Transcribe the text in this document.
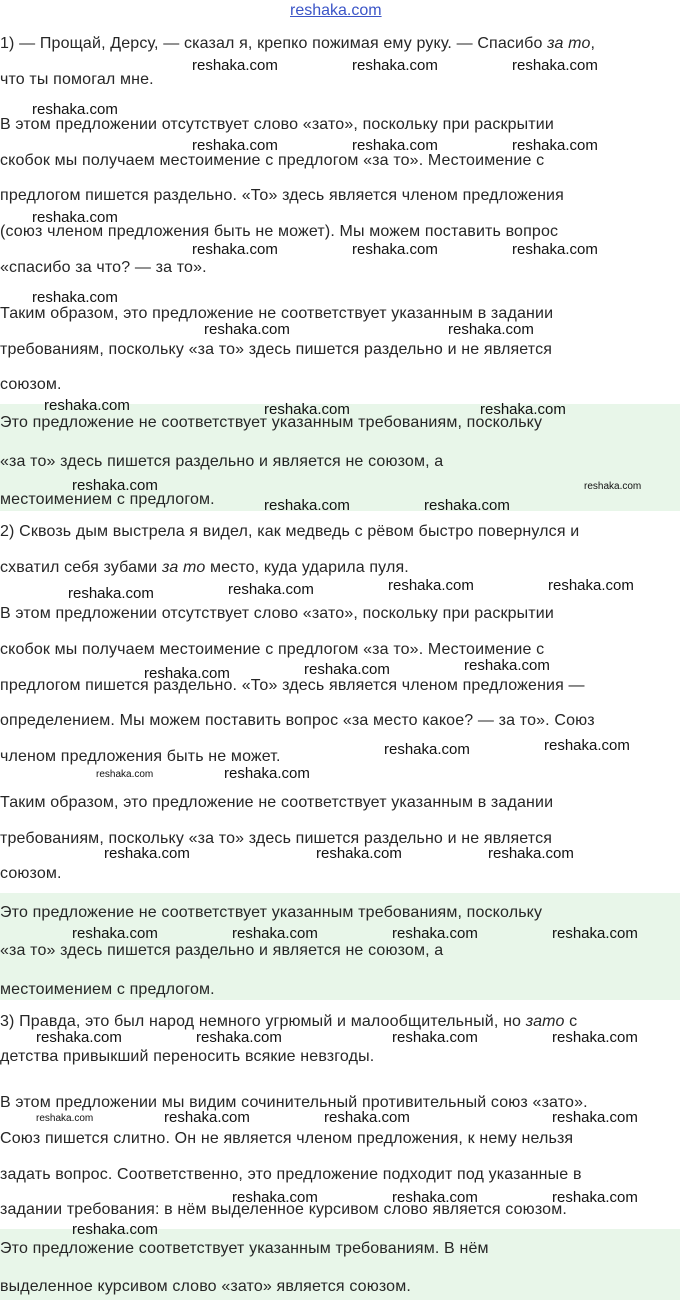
reshaka.com
1) — Прощай, Дерсу, — сказал я, крепко пожимая ему руку. — Спасибо за то,
что ты помогал мне.
В этом предложении отсутствует слово «зато», поскольку при раскрытии
скобок мы получаем местоимение с предлогом «за то». Местоимение с
предлогом пишется раздельно. «То» здесь является членом предложения
(союз членом предложения быть не может). Мы можем поставить вопрос
«спасибо за что? — за то».
Таким образом, это предложение не соответствует указанным в задании
требованиям, поскольку «за то» здесь пишется раздельно и не является
союзом.
Это предложение не соответствует указанным требованиям, поскольку
«за то» здесь пишется раздельно и является не союзом, а
местоимением с предлогом.
2) Сквозь дым выстрела я видел, как медведь с рёвом быстро повернулся и
схватил себя зубами за то место, куда ударила пуля.
В этом предложении отсутствует слово «зато», поскольку при раскрытии
скобок мы получаем местоимение с предлогом «за то». Местоимение с
предлогом пишется раздельно. «То» здесь является членом предложения —
определением. Мы можем поставить вопрос «за место какое? — за то». Союз
членом предложения быть не может.
Таким образом, это предложение не соответствует указанным в задании
требованиям, поскольку «за то» здесь пишется раздельно и не является
союзом.
Это предложение не соответствует указанным требованиям, поскольку
«за то» здесь пишется раздельно и является не союзом, а
местоимением с предлогом.
3) Правда, это был народ немного угрюмый и малообщительный, но зато с
детства привыкший переносить всякие невзгоды.
В этом предложении мы видим сочинительный противительный союз «зато».
Союз пишется слитно. Он не является членом предложения, к нему нельзя
задать вопрос. Соответственно, это предложение подходит под указанные в
задании требования: в нём выделенное курсивом слово является союзом.
Это предложение соответствует указанным требованиям. В нём
выделенное курсивом слово «зато» является союзом.
reshaka.com	reshaka.com	reshaka.com
reshaka.com
reshaka.com	reshaka.com	reshaka.com
reshaka.com
reshaka.com	reshaka.com	reshaka.com
reshaka.com
reshaka.com	reshaka.com
reshaka.com	reshaka.com	reshaka.com
reshaka.com
reshaka.com	reshaka.com
reshaka.com
reshaka.com	reshaka.com	reshaka.com
reshaka.com
reshaka.com	reshaka.com	reshaka.com
reshaka.com	reshaka.com
reshaka.com	reshaka.com
reshaka.com	reshaka.com	reshaka.com
reshaka.com	reshaka.com	reshaka.com	reshaka.com
reshaka.com	reshaka.com	reshaka.com	reshaka.com
reshaka.com	reshaka.com	reshaka.com	reshaka.com
reshaka.com	reshaka.com	reshaka.com
reshaka.com
